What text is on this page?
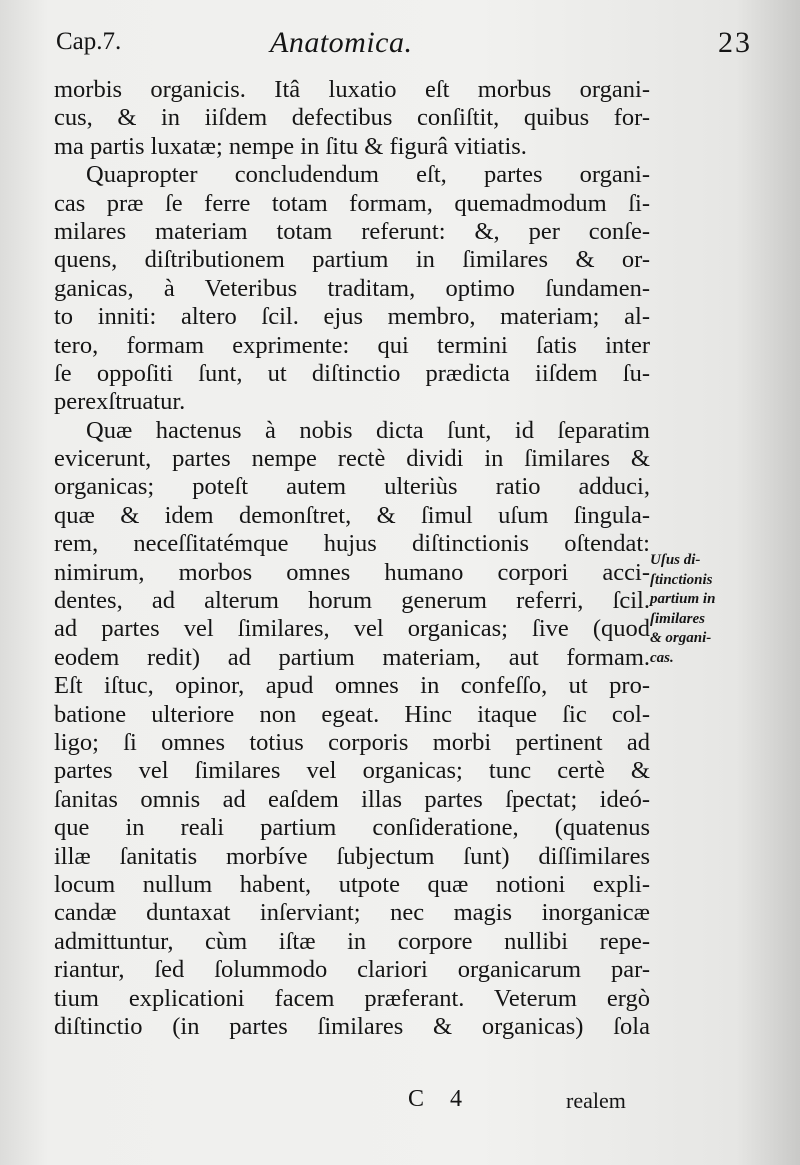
Cap.7.	Anatomica.	23
morbis organicis. Itâ luxatio eſt morbus organi-
cus, & in iiſdem defectibus conſiſtit, quibus for-
ma partis luxatæ; nempe in ſitu & figurâ vitiatis.
Quapropter concludendum eſt, partes organi-
cas præ ſe ferre totam formam, quemadmodum ſi-
milares materiam totam referunt: &, per conſe-
quens, diſtributionem partium in ſimilares & or-
ganicas, à Veteribus traditam, optimo ſundamen-
to inniti: altero ſcil. ejus membro, materiam; al-
tero, formam exprimente: qui termini ſatis inter
ſe oppoſiti ſunt, ut diſtinctio prædicta iiſdem ſu-
perexſtruatur.
Quæ hactenus à nobis dicta ſunt, id ſeparatim
evicerunt, partes nempe rectè dividi in ſimilares &
organicas; poteſt autem ulteriùs ratio adduci,
quæ & idem demonſtret, & ſimul uſum ſingula-
rem, neceſſitatémque hujus diſtinctionis oſtendat:
nimirum, morbos omnes humano corpori acci-
dentes, ad alterum horum generum referri, ſcil.
ad partes vel ſimilares, vel organicas; ſive (quod
eodem redit) ad partium materiam, aut formam.
Eſt iſtuc, opinor, apud omnes in confeſſo, ut pro-
batione ulteriore non egeat. Hinc itaque ſic col-
ligo; ſi omnes totius corporis morbi pertinent ad
partes vel ſimilares vel organicas; tunc certè &
ſanitas omnis ad eaſdem illas partes ſpectat; ideó-
que in reali partium conſideratione, (quatenus
illæ ſanitatis morbíve ſubjectum ſunt) diſſimilares
locum nullum habent, utpote quæ notioni expli-
candæ duntaxat inſerviant; nec magis inorganicæ
admittuntur, cùm iſtæ in corpore nullibi repe-
riantur, ſed ſolummodo clariori organicarum par-
tium explicationi facem præferant. Veterum ergò
diſtinctio (in partes ſimilares & organicas) ſola
Uſus di-
ſtinctionis
partium in
ſimilares
& organi-
cas.
C 4	realem
